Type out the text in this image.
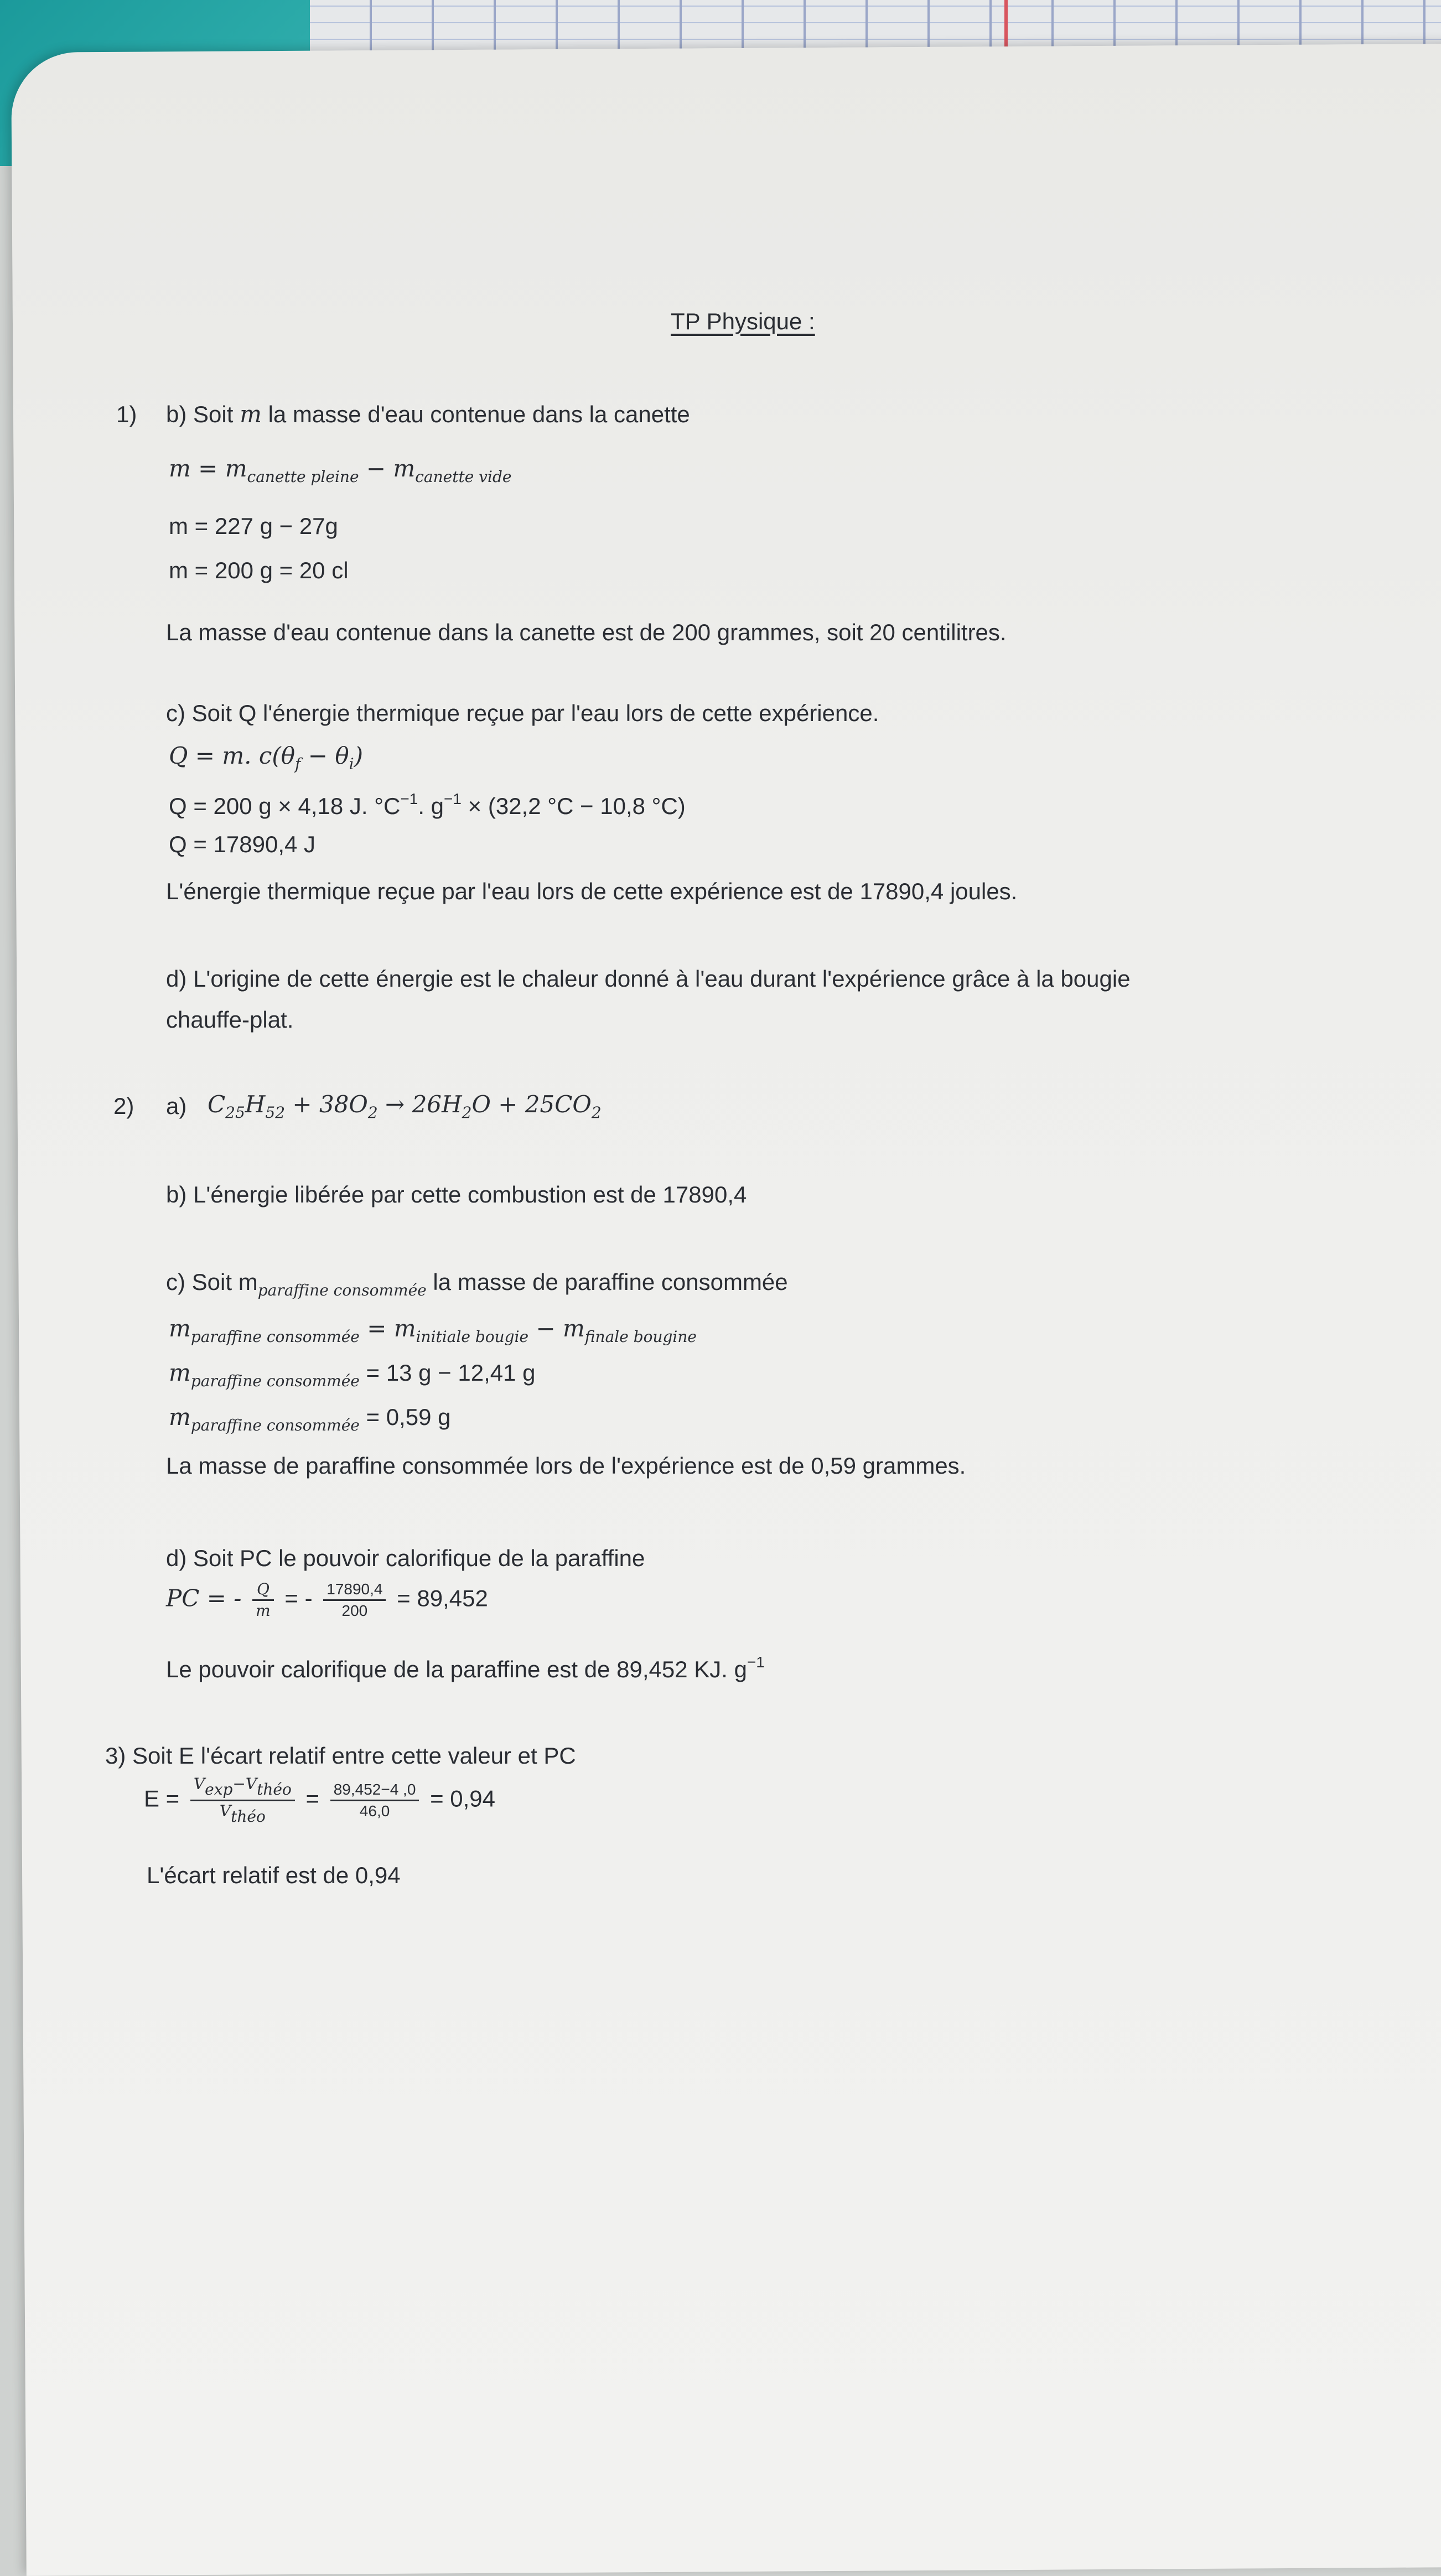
TP Physique :
1) b) Soit m la masse d'eau contenue dans la canette
$m = m_{canette pleine} - m_{canette vide}$
m = 227 g − 27g
m = 200 g = 20 cl
La masse d'eau contenue dans la canette est de 200 grammes, soit 20 centilitres.
c) Soit Q l'énergie thermique reçue par l'eau lors de cette expérience.
Q = m. $c(\theta_f - \theta_i)$
Q = 200 g × 4,18 J. $^\circ C^{-1}$. $g^{-1} \times (32,2$ °C − 10,8 °C)
Q = 17890,4 J
L'énergie thermique reçue par l'eau lors de cette expérience est de 17890,4 joules.
d) L'origine de cette énergie est le chaleur donné à l'eau durant l'expérience grâce à la bougie
chauffe-plat.
2) a) $C_{25}H_{52} + 38O_2 \to 26H_2O + 25CO_2$
b) L'énergie libérée par cette combustion est de 17890,4
c) Soit $m_{paraffine consommée}$ la masse de paraffine consommée
$m_{paraffine consommée} = m_{initiale bougie} - m_{finale bougine}$
$m_{paraffine consommée} = 13$ g − 12,41 g
$m_{paraffine consommée} = 0,59$ g
La masse de paraffine consommée lors de l'expérience est de 0,59 grammes.
d) Soit PC le pouvoir calorifique de la paraffine
PC = - $\frac{Q}{m}$ = - $\frac{17890,4}{200} = 89,452$
Le pouvoir calorifique de la paraffine est de 89,452 KJ. $g^{-1}$
3) Soit E l'écart relatif entre cette valeur et PC
$E = \frac{\text{Vexp−Vthéo}}{\text{Vthéo}} = \frac{89,452-4 ,0}{46,0} = 0,94$
L'écart relatif est de 0,94
